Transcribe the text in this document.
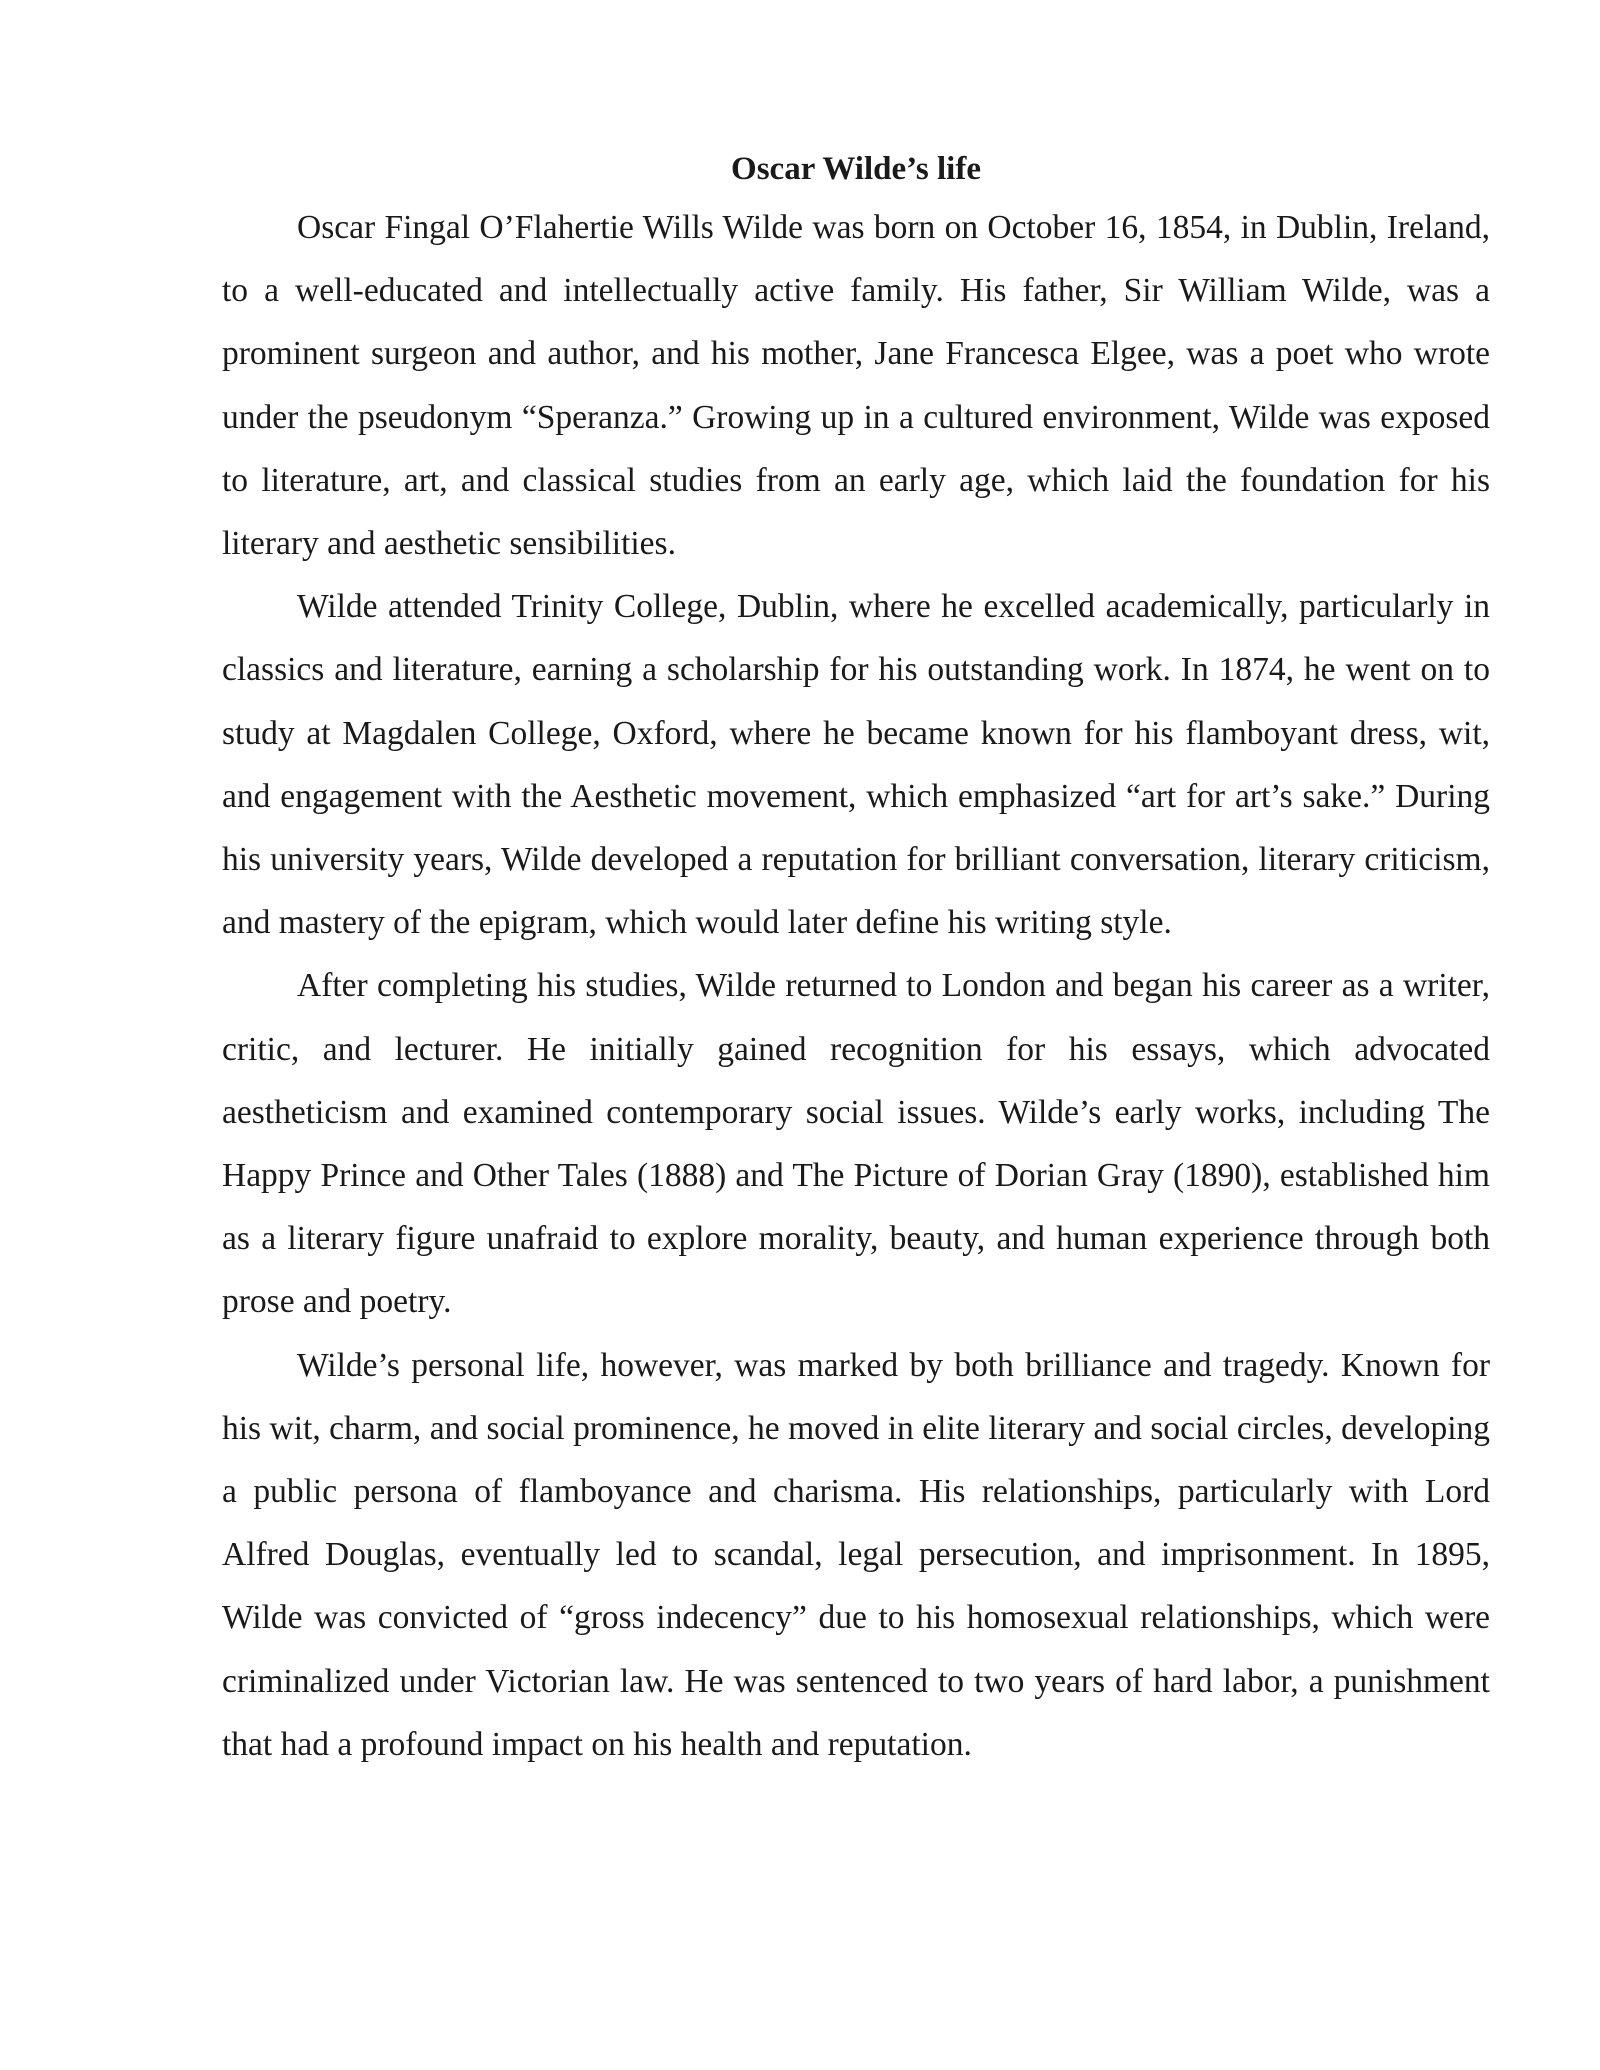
Oscar Wilde’s life

Oscar Fingal O’Flahertie Wills Wilde was born on October 16, 1854, in Dublin, Ireland, to a well-educated and intellectually active family. His father, Sir William Wilde, was a prominent surgeon and author, and his mother, Jane Francesca Elgee, was a poet who wrote under the pseudonym “Speranza.” Growing up in a cultured environment, Wilde was exposed to literature, art, and classical studies from an early age, which laid the foundation for his literary and aesthetic sensibilities.

Wilde attended Trinity College, Dublin, where he excelled academically, particularly in classics and literature, earning a scholarship for his outstanding work. In 1874, he went on to study at Magdalen College, Oxford, where he became known for his flamboyant dress, wit, and engagement with the Aesthetic movement, which emphasized “art for art’s sake.” During his university years, Wilde developed a reputation for brilliant conversation, literary criticism, and mastery of the epigram, which would later define his writing style.

After completing his studies, Wilde returned to London and began his career as a writer, critic, and lecturer. He initially gained recognition for his essays, which advocated aestheticism and examined contemporary social issues. Wilde’s early works, including The Happy Prince and Other Tales (1888) and The Picture of Dorian Gray (1890), established him as a literary figure unafraid to explore morality, beauty, and human experience through both prose and poetry.

Wilde’s personal life, however, was marked by both brilliance and tragedy. Known for his wit, charm, and social prominence, he moved in elite literary and social circles, developing a public persona of flamboyance and charisma. His relationships, particularly with Lord Alfred Douglas, eventually led to scandal, legal persecution, and imprisonment. In 1895, Wilde was convicted of “gross indecency” due to his homosexual relationships, which were criminalized under Victorian law. He was sentenced to two years of hard labor, a punishment that had a profound impact on his health and reputation.
